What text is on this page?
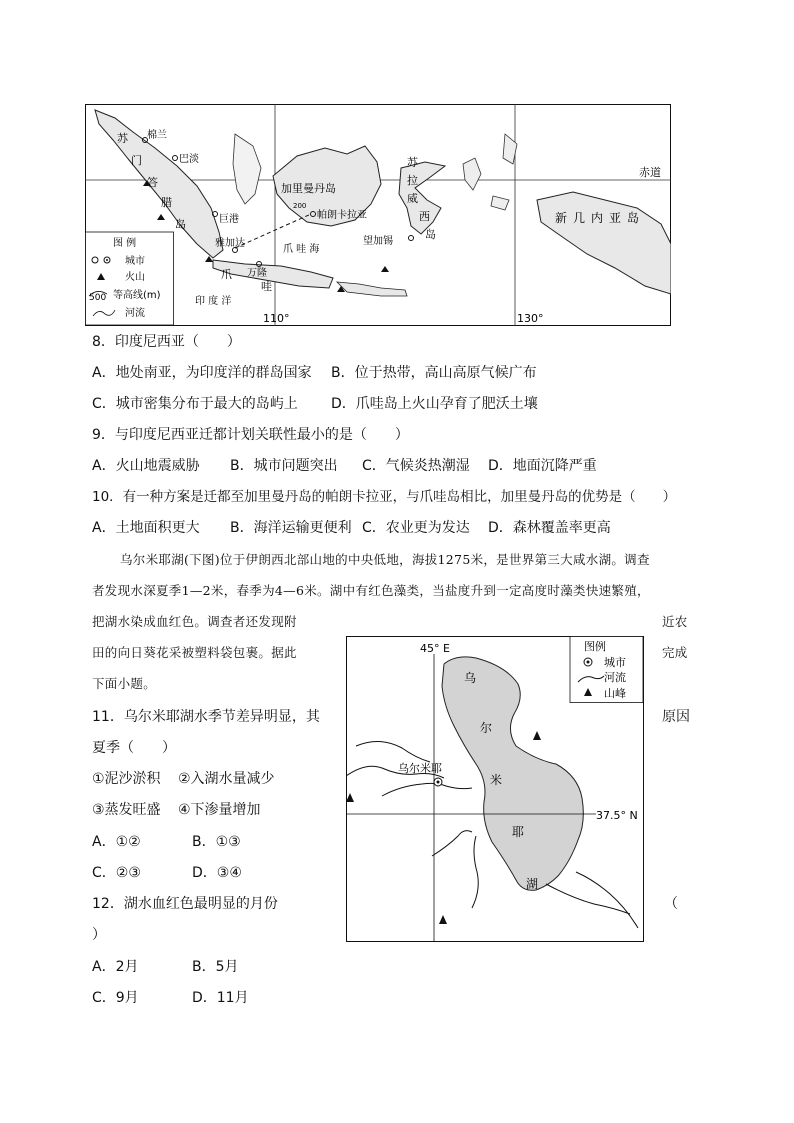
棉兰
巴淡
巨港
雅加达
万隆
帕朗卡拉亚
望加锡
加里曼丹岛
苏
门
答
腊
岛
爪
哇
苏
拉
威
西
岛
新几内亚岛
赤道
爪 哇 海
印 度 洋
110°	130°
200
图 例
城市
火山
500 等高线(m)
河流
8．印度尼西亚（　　）
A．地处南亚，为印度洋的群岛国家 B．位于热带，高山高原气候广布
C．城市密集分布于最大的岛屿上 D．爪哇岛上火山孕育了肥沃土壤
9．与印度尼西亚迁都计划关联性最小的是（　　）
A．火山地震威胁 B．城市问题突出 C．气候炎热潮湿 D．地面沉降严重
10．有一种方案是迁都至加里曼丹岛的帕朗卡拉亚，与爪哇岛相比，加里曼丹岛的优势是（　　）
A．土地面积更大 B．海洋运输更便利 C．农业更为发达 D．森林覆盖率更高
乌尔米耶湖(下图)位于伊朗西北部山地的中央低地，海拔1275米，是世界第三大咸水湖。调查
者发现水深夏季1—2米，春季为4—6米。湖中有红色藻类，当盐度升到一定高度时藻类快速繁殖，
把湖水染成血红色。调查者还发现附	近农
田的向日葵花采被塑料袋包裹。据此	完成
下面小题。
11．乌尔米耶湖水季节差异明显，其	原因
夏季（　　）
①泥沙淤积 ②入湖水量减少
③蒸发旺盛 ④下渗量增加
A．①②	B．①③
C．②③	D．③④
12．湖水血红色最明显的月份	（
）
A．2月	B．5月
C．9月	D．11月
45° E
37.5° N
乌尔米耶
乌
尔
米
耶
湖
图例
城市
河流
山峰
